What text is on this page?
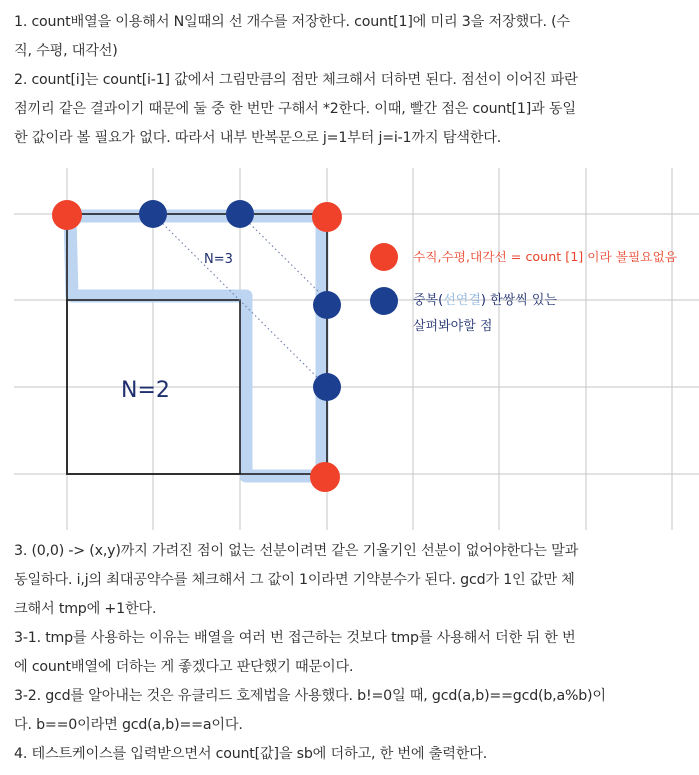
1. count배열을 이용해서 N일때의 선 개수를 저장한다. count[1]에 미리 3을 저장했다. (수
직, 수평, 대각선)
2. count[i]는 count[i-1] 값에서 그림만큼의 점만 체크해서 더하면 된다. 점선이 이어진 파란
점끼리 같은 결과이기 때문에 둘 중 한 번만 구해서 *2한다. 이때, 빨간 점은 count[1]과 동일
한 값이라 볼 필요가 없다. 따라서 내부 반복문으로 j=1부터 j=i-1까지 탐색한다.
N=3
N=2
수직,수평,대각선 = count [1] 이라 볼필요없음
중복(선연결) 한쌍씩 있는
살펴봐야할 점
3. (0,0) -> (x,y)까지 가려진 점이 없는 선분이려면 같은 기울기인 선분이 없어야한다는 말과
동일하다. i,j의 최대공약수를 체크해서 그 값이 1이라면 기약분수가 된다. gcd가 1인 값만 체
크해서 tmp에 +1한다.
3-1. tmp를 사용하는 이유는 배열을 여러 번 접근하는 것보다 tmp를 사용해서 더한 뒤 한 번
에 count배열에 더하는 게 좋겠다고 판단했기 때문이다.
3-2. gcd를 알아내는 것은 유클리드 호제법을 사용했다. b!=0일 때, gcd(a,b)==gcd(b,a%b)이
다. b==0이라면 gcd(a,b)==a이다.
4. 테스트케이스를 입력받으면서 count[값]을 sb에 더하고, 한 번에 출력한다.
